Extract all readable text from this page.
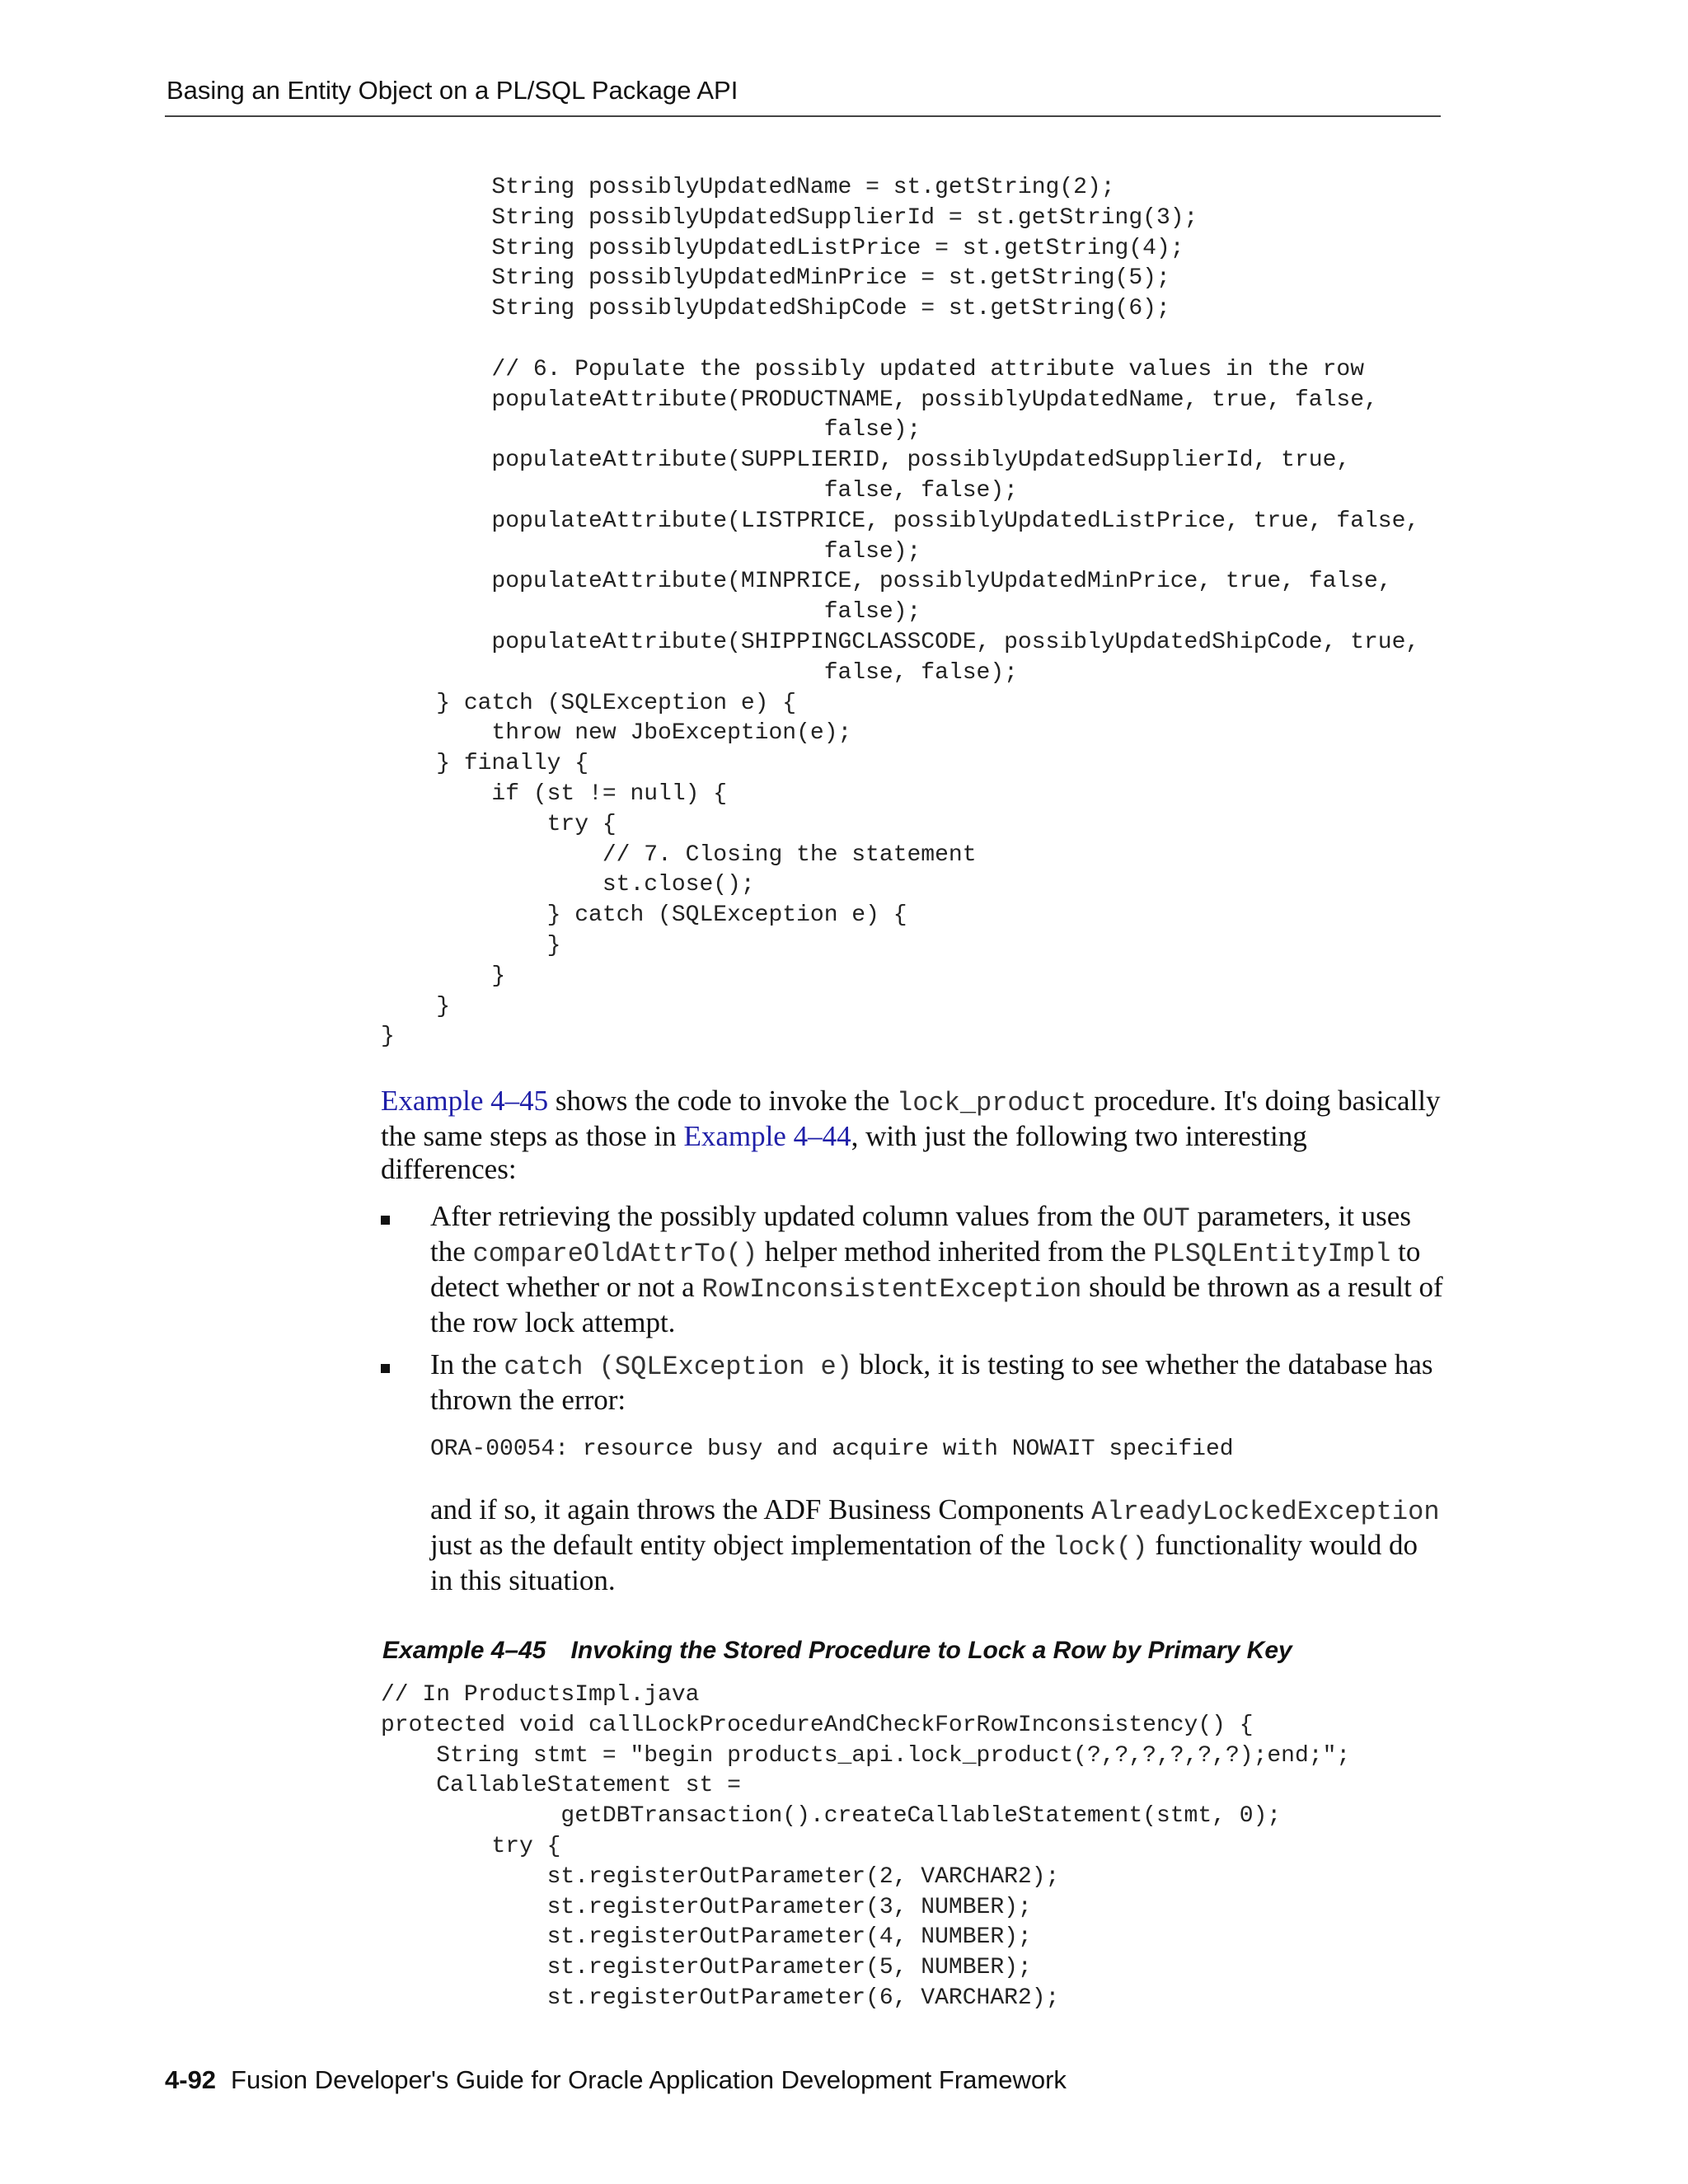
Basing an Entity Object on a PL/SQL Package API
String possiblyUpdatedName = st.getString(2);
String possiblyUpdatedSupplierId = st.getString(3);
String possiblyUpdatedListPrice = st.getString(4);
String possiblyUpdatedMinPrice = st.getString(5);
String possiblyUpdatedShipCode = st.getString(6);

// 6. Populate the possibly updated attribute values in the row
populateAttribute(PRODUCTNAME, possiblyUpdatedName, true, false,
false);
populateAttribute(SUPPLIERID, possiblyUpdatedSupplierId, true,
false, false);
populateAttribute(LISTPRICE, possiblyUpdatedListPrice, true, false,
false);
populateAttribute(MINPRICE, possiblyUpdatedMinPrice, true, false,
false);
populateAttribute(SHIPPINGCLASSCODE, possiblyUpdatedShipCode, true,
false, false);
} catch (SQLException e) {
throw new JboException(e);
} finally {
if (st != null) {
try {
// 7. Closing the statement
st.close();
} catch (SQLException e) {
}
}
}
}

Example 4–45 shows the code to invoke the lock_product procedure. It's doing basically the same steps as those in Example 4–44, with just the following two interesting differences:

After retrieving the possibly updated column values from the OUT parameters, it uses the compareOldAttrTo() helper method inherited from the PLSQLEntityImpl to detect whether or not a RowInconsistentException should be thrown as a result of the row lock attempt.

In the catch (SQLException e) block, it is testing to see whether the database has thrown the error:

ORA-00054: resource busy and acquire with NOWAIT specified

and if so, it again throws the ADF Business Components AlreadyLockedException just as the default entity object implementation of the lock() functionality would do in this situation.

Example 4–45 Invoking the Stored Procedure to Lock a Row by Primary Key
// In ProductsImpl.java
protected void callLockProcedureAndCheckForRowInconsistency() {
String stmt = "begin products_api.lock_product(?,?,?,?,?,?);end;";
CallableStatement st =
getDBTransaction().createCallableStatement(stmt, 0);
try {
st.registerOutParameter(2, VARCHAR2);
st.registerOutParameter(3, NUMBER);
st.registerOutParameter(4, NUMBER);
st.registerOutParameter(5, NUMBER);
st.registerOutParameter(6, VARCHAR2);
4-92 Fusion Developer's Guide for Oracle Application Development Framework
